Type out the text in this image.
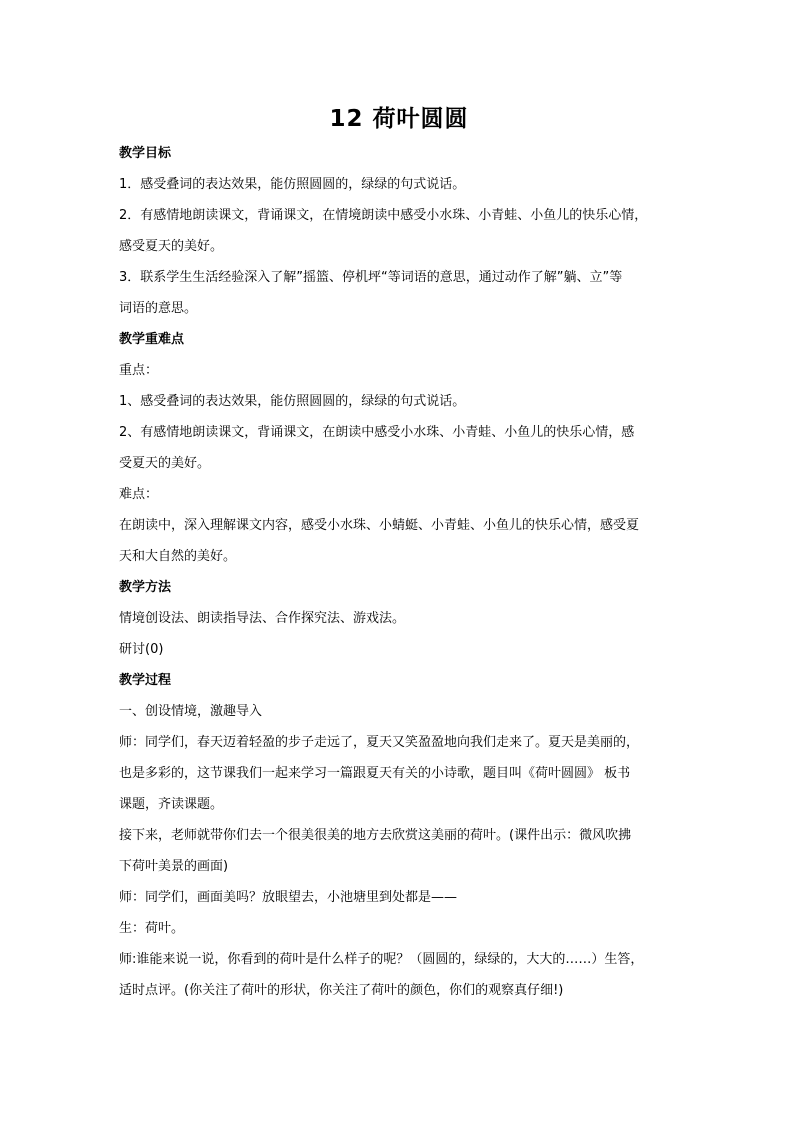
12 荷叶圆圆
教学目标
1．感受叠词的表达效果，能仿照圆圆的，绿绿的句式说话。
2．有感情地朗读课文，背诵课文，在情境朗读中感受小水珠、小青蛙、小鱼儿的快乐心情，
感受夏天的美好。
3．联系学生生活经验深入了解”摇篮、停机坪“等词语的意思，通过动作了解”躺、立”等
词语的意思。
教学重难点
重点：
1、感受叠词的表达效果，能仿照圆圆的，绿绿的句式说话。
2、有感情地朗读课文，背诵课文，在朗读中感受小水珠、小青蛙、小鱼儿的快乐心情，感
受夏天的美好。
难点：
在朗读中，深入理解课文内容，感受小水珠、小蜻蜓、小青蛙、小鱼儿的快乐心情，感受夏
天和大自然的美好。
教学方法
情境创设法、朗读指导法、合作探究法、游戏法。
研讨(0)
教学过程
一、创设情境，激趣导入
师：同学们，春天迈着轻盈的步子走远了，夏天又笑盈盈地向我们走来了。夏天是美丽的，
也是多彩的，这节课我们一起来学习一篇跟夏天有关的小诗歌，题目叫《荷叶圆圆》 板书
课题，齐读课题。
接下来，老师就带你们去一个很美很美的地方去欣赏这美丽的荷叶。(课件出示：微风吹拂
下荷叶美景的画面)
师：同学们，画面美吗？放眼望去，小池塘里到处都是——
生：荷叶。
师:谁能来说一说，你看到的荷叶是什么样子的呢？（圆圆的，绿绿的，大大的……）生答，
适时点评。(你关注了荷叶的形状，你关注了荷叶的颜色，你们的观察真仔细!)
